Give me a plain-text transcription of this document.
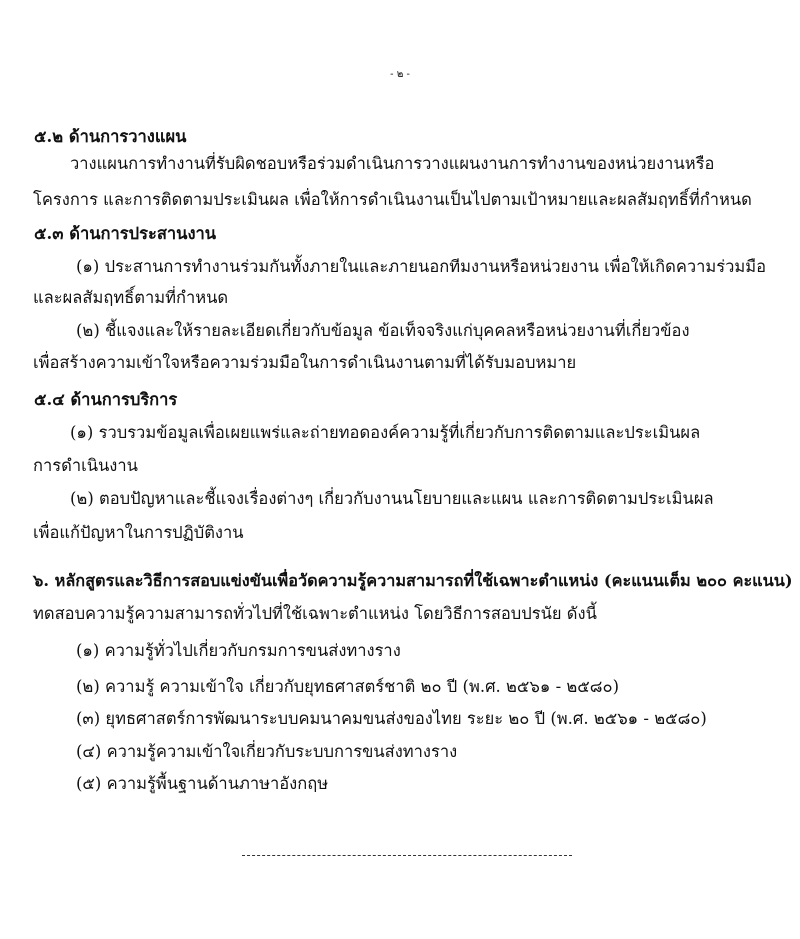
- ๒ -
๕.๒ ด้านการวางแผน
วางแผนการทำงานที่รับผิดชอบหรือร่วมดำเนินการวางแผนงานการทำงานของหน่วยงานหรือ
โครงการ และการติดตามประเมินผล เพื่อให้การดำเนินงานเป็นไปตามเป้าหมายและผลสัมฤทธิ์ที่กำหนด
๕.๓ ด้านการประสานงาน
(๑) ประสานการทำงานร่วมกันทั้งภายในและภายนอกทีมงานหรือหน่วยงาน เพื่อให้เกิดความร่วมมือ
และผลสัมฤทธิ์ตามที่กำหนด
(๒) ชี้แจงและให้รายละเอียดเกี่ยวกับข้อมูล ข้อเท็จจริงแก่บุคคลหรือหน่วยงานที่เกี่ยวข้อง
เพื่อสร้างความเข้าใจหรือความร่วมมือในการดำเนินงานตามที่ได้รับมอบหมาย
๕.๔ ด้านการบริการ
(๑) รวบรวมข้อมูลเพื่อเผยแพร่และถ่ายทอดองค์ความรู้ที่เกี่ยวกับการติดตามและประเมินผล
การดำเนินงาน
(๒) ตอบปัญหาและชี้แจงเรื่องต่างๆ เกี่ยวกับงานนโยบายและแผน และการติดตามประเมินผล
เพื่อแก้ปัญหาในการปฏิบัติงาน
๖. หลักสูตรและวิธีการสอบแข่งขันเพื่อวัดความรู้ความสามารถที่ใช้เฉพาะตำแหน่ง (คะแนนเต็ม ๒๐๐ คะแนน)
ทดสอบความรู้ความสามารถทั่วไปที่ใช้เฉพาะตำแหน่ง โดยวิธีการสอบปรนัย ดังนี้
(๑) ความรู้ทั่วไปเกี่ยวกับกรมการขนส่งทางราง
(๒) ความรู้ ความเข้าใจ เกี่ยวกับยุทธศาสตร์ชาติ ๒๐ ปี (พ.ศ. ๒๕๖๑ - ๒๕๘๐)
(๓) ยุทธศาสตร์การพัฒนาระบบคมนาคมขนส่งของไทย ระยะ ๒๐ ปี (พ.ศ. ๒๕๖๑ - ๒๕๘๐)
(๔) ความรู้ความเข้าใจเกี่ยวกับระบบการขนส่งทางราง
(๕) ความรู้พื้นฐานด้านภาษาอังกฤษ
